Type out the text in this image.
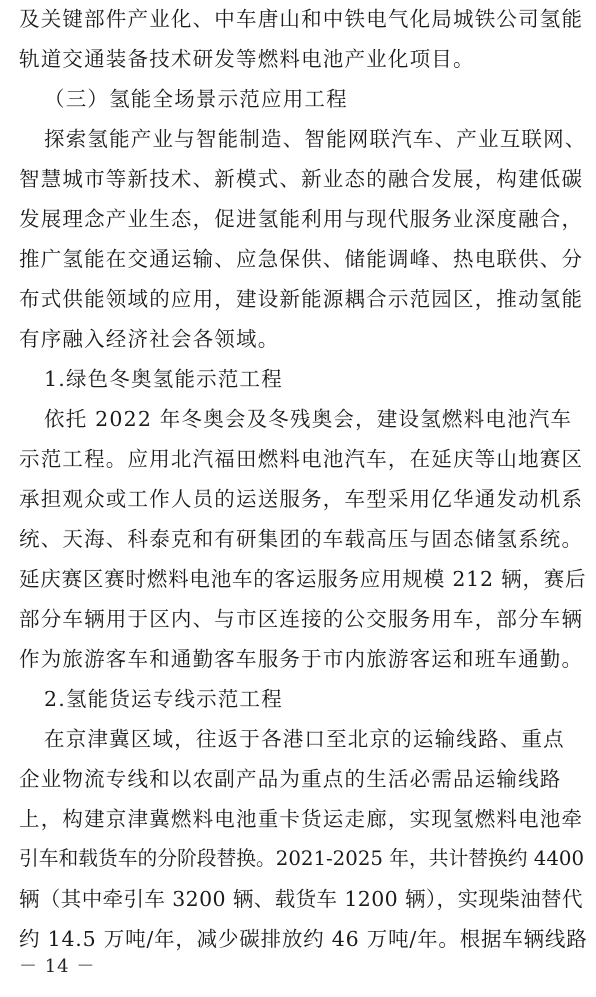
及关键部件产业化、中车唐山和中铁电气化局城铁公司氢能
轨道交通装备技术研发等燃料电池产业化项目。
（三）氢能全场景示范应用工程
探索氢能产业与智能制造、智能网联汽车、产业互联网、
智慧城市等新技术、新模式、新业态的融合发展，构建低碳
发展理念产业生态，促进氢能利用与现代服务业深度融合，
推广氢能在交通运输、应急保供、储能调峰、热电联供、分
布式供能领域的应用，建设新能源耦合示范园区，推动氢能
有序融入经济社会各领域。
1.绿色冬奥氢能示范工程
依托 2022 年冬奥会及冬残奥会，建设氢燃料电池汽车
示范工程。应用北汽福田燃料电池汽车，在延庆等山地赛区
承担观众或工作人员的运送服务，车型采用亿华通发动机系
统、天海、科泰克和有研集团的车载高压与固态储氢系统。
延庆赛区赛时燃料电池车的客运服务应用规模 212 辆，赛后
部分车辆用于区内、与市区连接的公交服务用车，部分车辆
作为旅游客车和通勤客车服务于市内旅游客运和班车通勤。
2.氢能货运专线示范工程
在京津冀区域，往返于各港口至北京的运输线路、重点
企业物流专线和以农副产品为重点的生活必需品运输线路
上，构建京津冀燃料电池重卡货运走廊，实现氢燃料电池牵
引车和载货车的分阶段替换。2021-2025 年，共计替换约 4400
辆（其中牵引车 3200 辆、载货车 1200 辆），实现柴油替代
约 14.5 万吨/年，减少碳排放约 46 万吨/年。根据车辆线路
－ 14 －
